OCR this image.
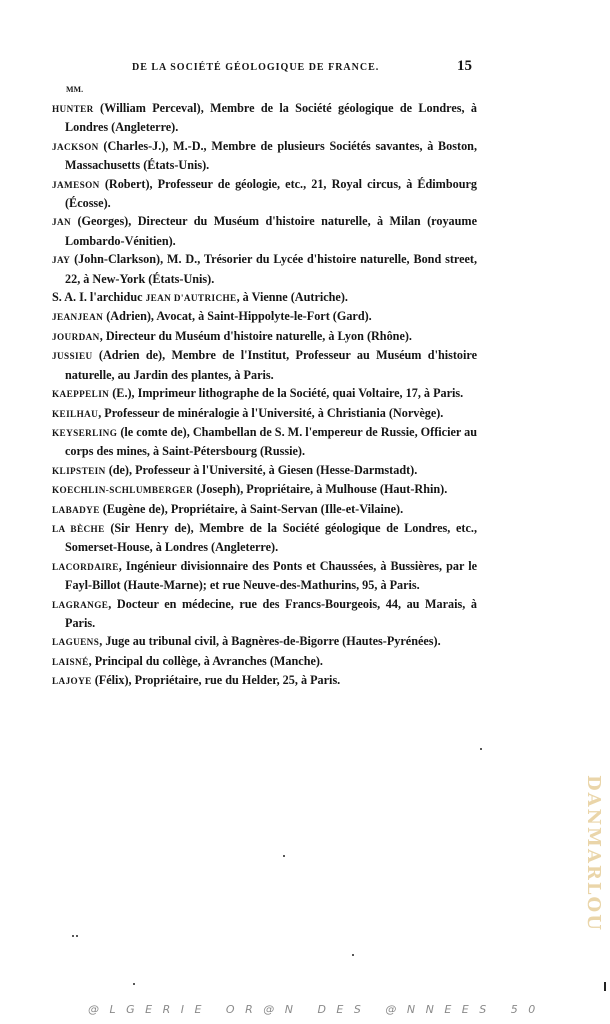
DE LA SOCIÉTÉ GÉOLOGIQUE DE FRANCE.	15
MM.

HUNTER (William Perceval), Membre de la Société géologique de Londres, à Londres (Angleterre).

JACKSON (Charles-J.), M.-D., Membre de plusieurs Sociétés savantes, à Boston, Massachusetts (États-Unis).

JAMESON (Robert), Professeur de géologie, etc., 21, Royal circus, à Édimbourg (Écosse).

JAN (Georges), Directeur du Muséum d'histoire naturelle, à Milan (royaume Lombardo-Vénitien).

JAY (John-Clarkson), M. D., Trésorier du Lycée d'histoire naturelle, Bond street, 22, à New-York (États-Unis).

S. A. I. l'archiduc JEAN D'AUTRICHE, à Vienne (Autriche).

JEANJEAN (Adrien), Avocat, à Saint-Hippolyte-le-Fort (Gard).

JOURDAN, Directeur du Muséum d'histoire naturelle, à Lyon (Rhône).

JUSSIEU (Adrien de), Membre de l'Institut, Professeur au Muséum d'histoire naturelle, au Jardin des plantes, à Paris.

KAEPPELIN (E.), Imprimeur lithographe de la Société, quai Voltaire, 17, à Paris.

KEILHAU, Professeur de minéralogie à l'Université, à Christiania (Norvège).

KEYSERLING (le comte de), Chambellan de S. M. l'empereur de Russie, Officier au corps des mines, à Saint-Pétersbourg (Russie).

KLIPSTEIN (de), Professeur à l'Université, à Giesen (Hesse-Darmstadt).

KOECHLIN-SCHLUMBERGER (Joseph), Propriétaire, à Mulhouse (Haut-Rhin).

LABADYE (Eugène de), Propriétaire, à Saint-Servan (Ille-et-Vilaine).

LA BÈCHE (Sir Henry de), Membre de la Société géologique de Londres, etc., Somerset-House, à Londres (Angleterre).

LACORDAIRE, Ingénieur divisionnaire des Ponts et Chaussées, à Bussières, par le Fayl-Billot (Haute-Marne); et rue Neuve-des-Mathurins, 95, à Paris.

LAGRANGE, Docteur en médecine, rue des Francs-Bourgeois, 44, au Marais, à Paris.

LAGUENS, Juge au tribunal civil, à Bagnères-de-Bigorre (Hautes-Pyrénées).

LAISNÉ, Principal du collège, à Avranches (Manche).

LAJOYE (Félix), Propriétaire, rue du Helder, 25, à Paris.

DANMARLOU
@LGERIE OR@N DES @NNEES 50
